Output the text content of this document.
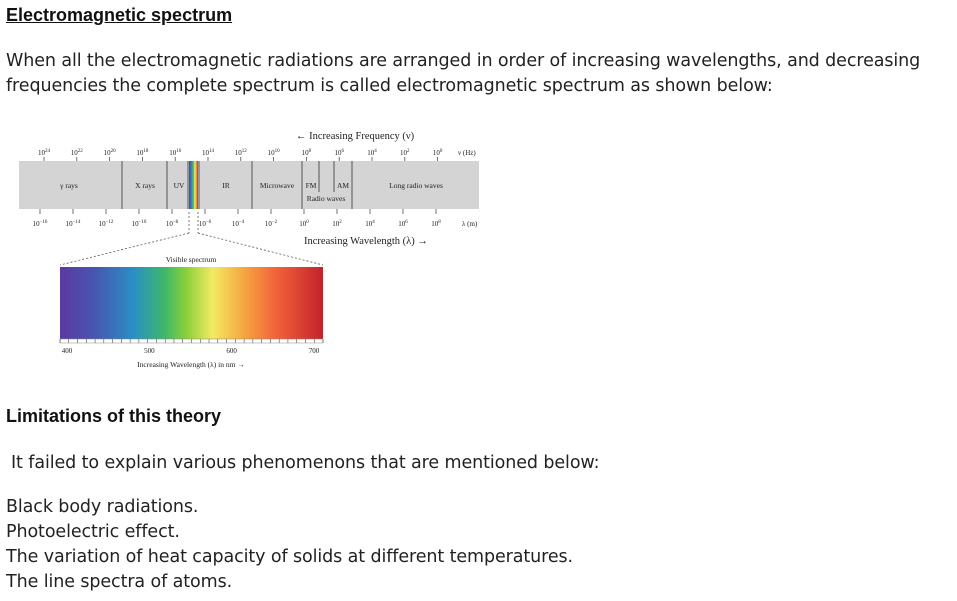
Electromagnetic spectrum

When all the electromagnetic radiations are arranged in order of increasing wavelengths, and decreasing frequencies the complete spectrum is called electromagnetic spectrum as shown below:

← Increasing Frequency (ν)
$10^{24}$	$10^{22}$	$10^{20}$	$10^{18}$	$10^{16}$	$10^{14}$	$10^{12}$	$10^{10}$	$10^8$	$10^6$	$10^4$	$10^2$	$10^0$ ν (Hz)
γ rays	X rays UV	IR	Microwave FM	AM
Radio waves
Long radio waves
$10^{-16}$	$10^{-14}$	$10^{-12}$	$10^{-10}$	$10^{-8}$	$10^{-6}$	$10^{-4}$	$10^{-2}$	$10^0$	$10^2$	$10^4$	$10^6$	$10^8$	λ (m)
Increasing Wavelength (λ) →
Visible spectrum
400	500	600	700
Increasing Wavelength (λ) in nm →
Limitations of this theory

It failed to explain various phenomenons that are mentioned below:

Black body radiations.
Photoelectric effect.
The variation of heat capacity of solids at different temperatures.
The line spectra of atoms.
